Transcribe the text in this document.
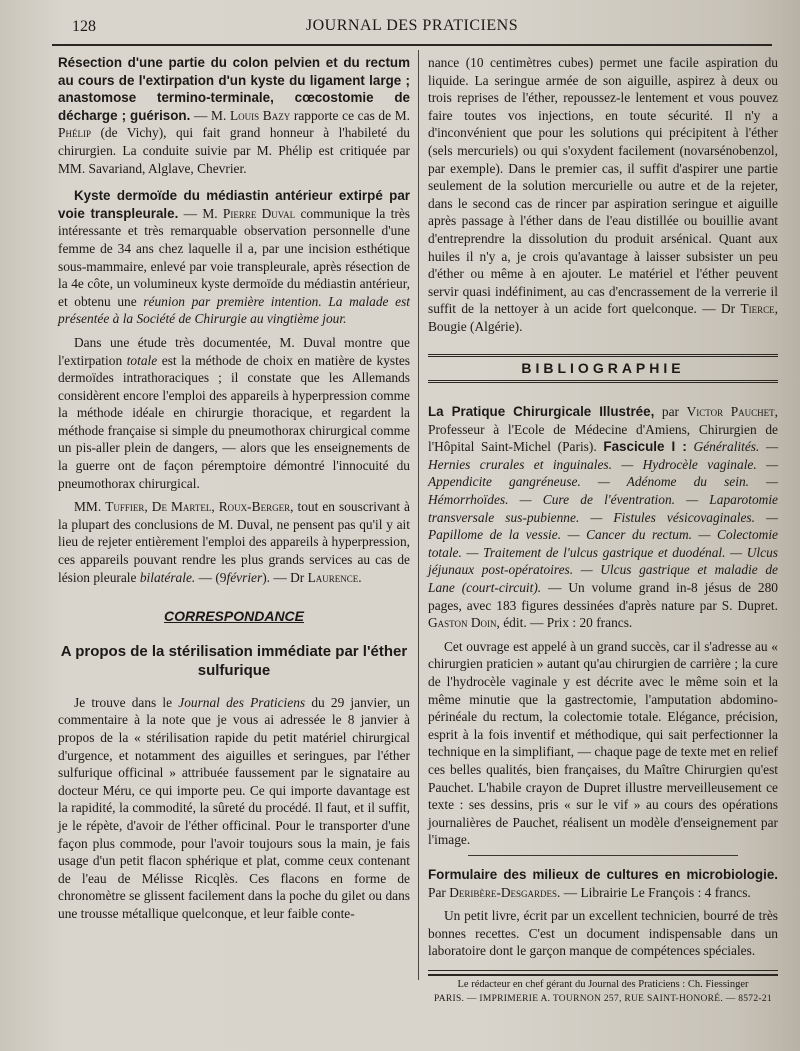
128	JOURNAL DES PRATICIENS

Résection d'une partie du colon pelvien et du rectum au cours de l'extirpation d'un kyste du ligament large ; anastomose termino-terminale, cœcostomie de décharge ; guérison. — M. Louis Bazy rapporte ce cas de M. Phélip (de Vichy), qui fait grand honneur à l'habileté du chirurgien. La conduite suivie par M. Phélip est critiquée par MM. Savariand, Alglave, Chevrier.

Kyste dermoïde du médiastin antérieur extirpé par voie transpleurale. — M. Pierre Duval communique la très intéressante et très remarquable observation personnelle d'une femme de 34 ans chez laquelle il a, par une incision esthétique sous-mammaire, enlevé par voie transpleurale, après résection de la 4e côte, un volumineux kyste dermoïde du médiastin antérieur, et obtenu une réunion par première intention. La malade est présentée à la Société de Chirurgie au vingtième jour.

Dans une étude très documentée, M. Duval montre que l'extirpation totale est la méthode de choix en matière de kystes dermoïdes intrathoraciques ; il constate que les Allemands considèrent encore l'emploi des appareils à hyperpression comme la méthode idéale en chirurgie thoracique, et regardent la méthode française si simple du pneumothorax chirurgical comme un pis-aller plein de dangers, — alors que les enseignements de la guerre ont de façon péremptoire démontré l'innocuité du pneumothorax chirurgical.

MM. Tuffier, De Martel, Roux-Berger, tout en souscrivant à la plupart des conclusions de M. Duval, ne pensent pas qu'il y ait lieu de rejeter entièrement l'emploi des appareils à hyperpression, ces appareils pouvant rendre les plus grands services au cas de lésion pleurale bilatérale. — (9février). — Dr Laurence.

CORRESPONDANCE
A propos de la stérilisation immédiate par l'éther sulfurique

Je trouve dans le Journal des Praticiens du 29 janvier, un commentaire à la note que je vous ai adressée le 8 janvier à propos de la « stérilisation rapide du petit matériel chirurgical d'urgence, et notamment des aiguilles et seringues, par l'éther sulfurique officinal » attribuée faussement par le signataire au docteur Méru, ce qui importe peu. Ce qui importe davantage est la rapidité, la commodité, la sûreté du procédé. Il faut, et il suffit, je le répète, d'avoir de l'éther officinal. Pour le transporter d'une façon plus commode, pour l'avoir toujours sous la main, je fais usage d'un petit flacon sphérique et plat, comme ceux contenant de l'eau de Mélisse Ricqlès. Ces flacons en forme de chronomètre se glissent facilement dans la poche du gilet ou dans une trousse métallique quelconque, et leur faible conte-

nance (10 centimètres cubes) permet une facile aspiration du liquide. La seringue armée de son aiguille, aspirez à deux ou trois reprises de l'éther, repoussez-le lentement et vous pouvez faire toutes vos injections, en toute sécurité. Il n'y a d'inconvénient que pour les solutions qui précipitent à l'éther (sels mercuriels) ou qui s'oxydent facilement (novarsénobenzol, par exemple). Dans le premier cas, il suffit d'aspirer une partie seulement de la solution mercurielle ou autre et de la rejeter, dans le second cas de rincer par aspiration seringue et aiguille après passage à l'éther dans de l'eau distillée ou bouillie avant d'entreprendre la dissolution du produit arsénical. Quant aux huiles il n'y a, je crois qu'avantage à laisser subsister un peu d'éther ou même à en ajouter. Le matériel et l'éther peuvent servir quasi indéfiniment, au cas d'encrassement de la verrerie il suffit de la nettoyer à un acide fort quelconque. — Dr Tierce, Bougie (Algérie).

BIBLIOGRAPHIE

La Pratique Chirurgicale Illustrée, par Victor Pauchet, Professeur à l'Ecole de Médecine d'Amiens, Chirurgien de l'Hôpital Saint-Michel (Paris). Fascicule I : Généralités. — Hernies crurales et inguinales. — Hydrocèle vaginale. — Appendicite gangréneuse. — Adénome du sein. — Hémorrhoïdes. — Cure de l'éventration. — Laparotomie transversale sus-pubienne. — Fistules vésicovaginales. — Papillome de la vessie. — Cancer du rectum. — Colectomie totale. — Traitement de l'ulcus gastrique et duodénal. — Ulcus jéjunaux post-opératoires. — Ulcus gastrique et maladie de Lane (court-circuit). — Un volume grand in-8 jésus de 280 pages, avec 183 figures dessinées d'après nature par S. Dupret. Gaston Doin, édit. — Prix : 20 francs.

Cet ouvrage est appelé à un grand succès, car il s'adresse au « chirurgien praticien » autant qu'au chirurgien de carrière ; la cure de l'hydrocèle vaginale y est décrite avec le même soin et la même minutie que la gastrectomie, l'amputation abdomino-périnéale du rectum, la colectomie totale. Elégance, précision, esprit à la fois inventif et méthodique, qui sait perfectionner la technique en la simplifiant, — chaque page de texte met en relief ces belles qualités, bien françaises, du Maître Chirurgien qu'est Pauchet. L'habile crayon de Dupret illustre merveilleusement ce texte : ses dessins, pris « sur le vif » au cours des opérations journalières de Pauchet, réalisent un modèle d'enseignement par l'image.

Formulaire des milieux de cultures en microbiologie. Par Deribère-Desgardes. — Librairie Le François : 4 francs.

Un petit livre, écrit par un excellent technicien, bourré de très bonnes recettes. C'est un document indispensable dans un laboratoire dont le garçon manque de compétences spéciales.

Le rédacteur en chef gérant du Journal des Praticiens : Ch. Fiessinger
PARIS. — IMPRIMERIE A. TOURNON 257, RUE SAINT-HONORÉ. — 8572-21
